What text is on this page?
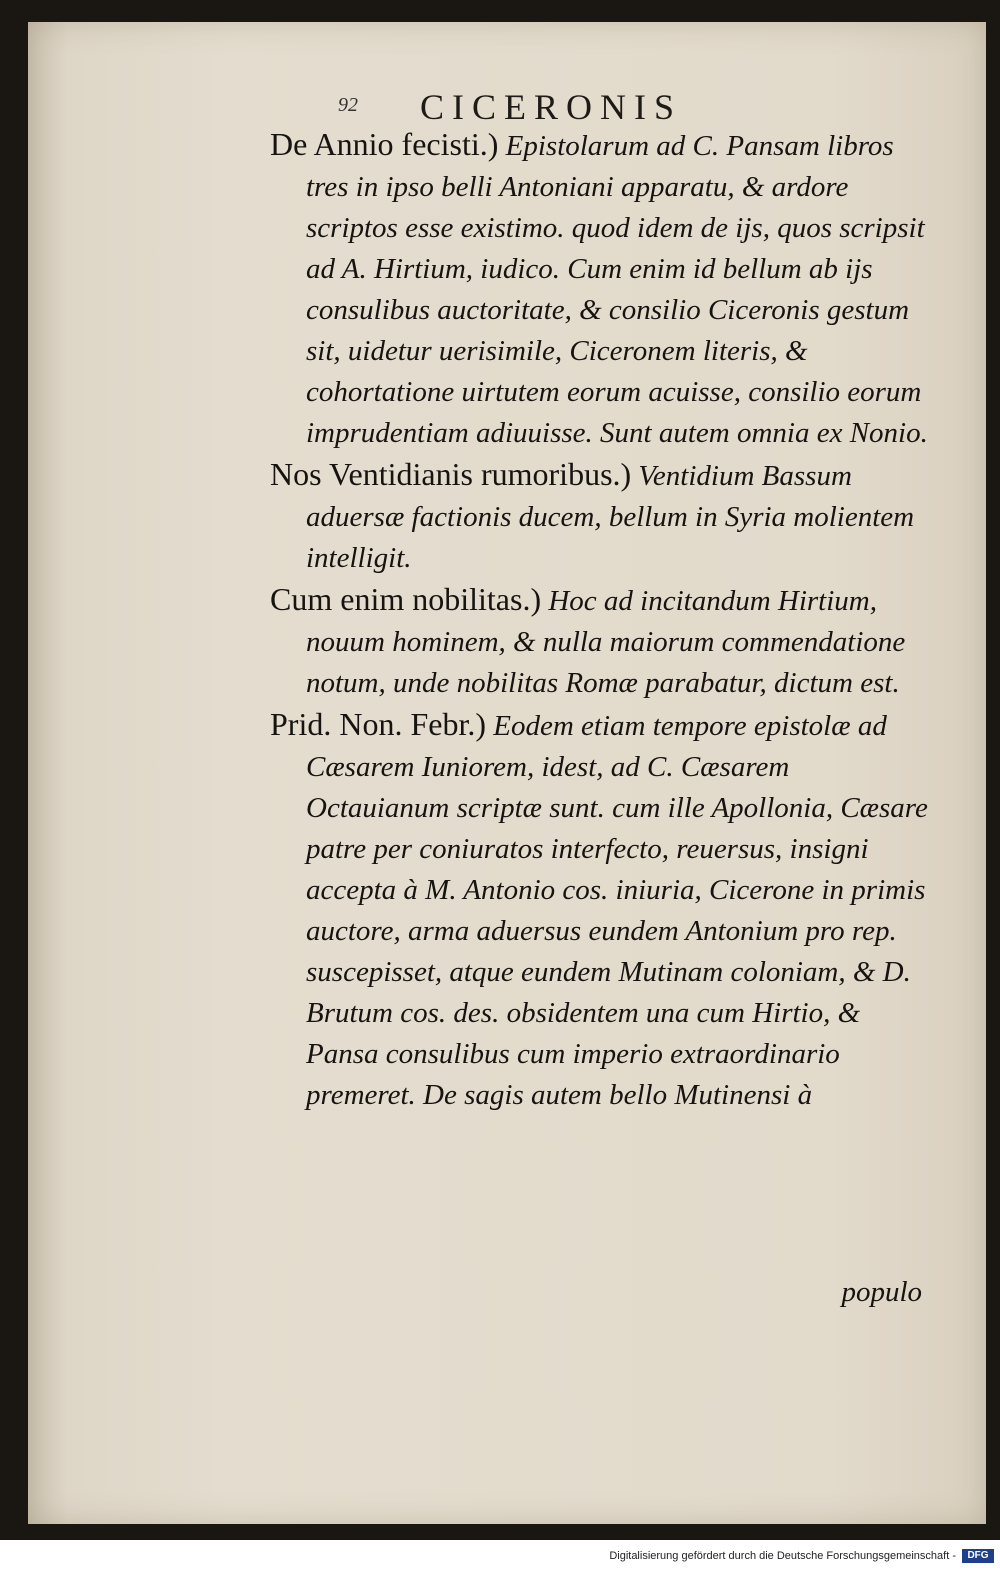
92 CICERONIS

De Annio fecisti.) Epistolarum ad C. Pansam libros tres in ipso belli Antoniani apparatu, & ardore scriptos esse existimo. quod idem de ijs, quos scripsit ad A. Hirtium, iudico. Cum enim id bellum ab ijs consulibus auctoritate, & consilio Ciceronis gestum sit, uidetur uerisimile, Ciceronem literis, & cohortatione uirtutem eorum acuisse, consilio eorum imprudentiam adiuuisse. Sunt autem omnia ex Nonio.

Nos Ventidianis rumoribus.) Ventidium Bassum aduersæ factionis ducem, bellum in Syria molientem intelligit.

Cum enim nobilitas.) Hoc ad incitandum Hirtium, nouum hominem, & nulla maiorum commendatione notum, unde nobilitas Romæ parabatur, dictum est.

Prid. Non. Febr.) Eodem etiam tempore epistolæ ad Cæsarem Iuniorem, idest, ad C. Cæsarem Octauianum scriptæ sunt. cum ille Apollonia, Cæsare patre per coniuratos interfecto, reuersus, insigni accepta à M. Antonio cos. iniuria, Cicerone in primis auctore, arma aduersus eundem Antonium pro rep. suscepisset, atque eundem Mutinam coloniam, & D. Brutum cos. des. obsidentem una cum Hirtio, & Pansa consulibus cum imperio extraordinario premeret. De sagis autem bello Mutinensi à

populo
Digitalisierung gefördert durch die Deutsche Forschungsgemeinschaft -	DFG
